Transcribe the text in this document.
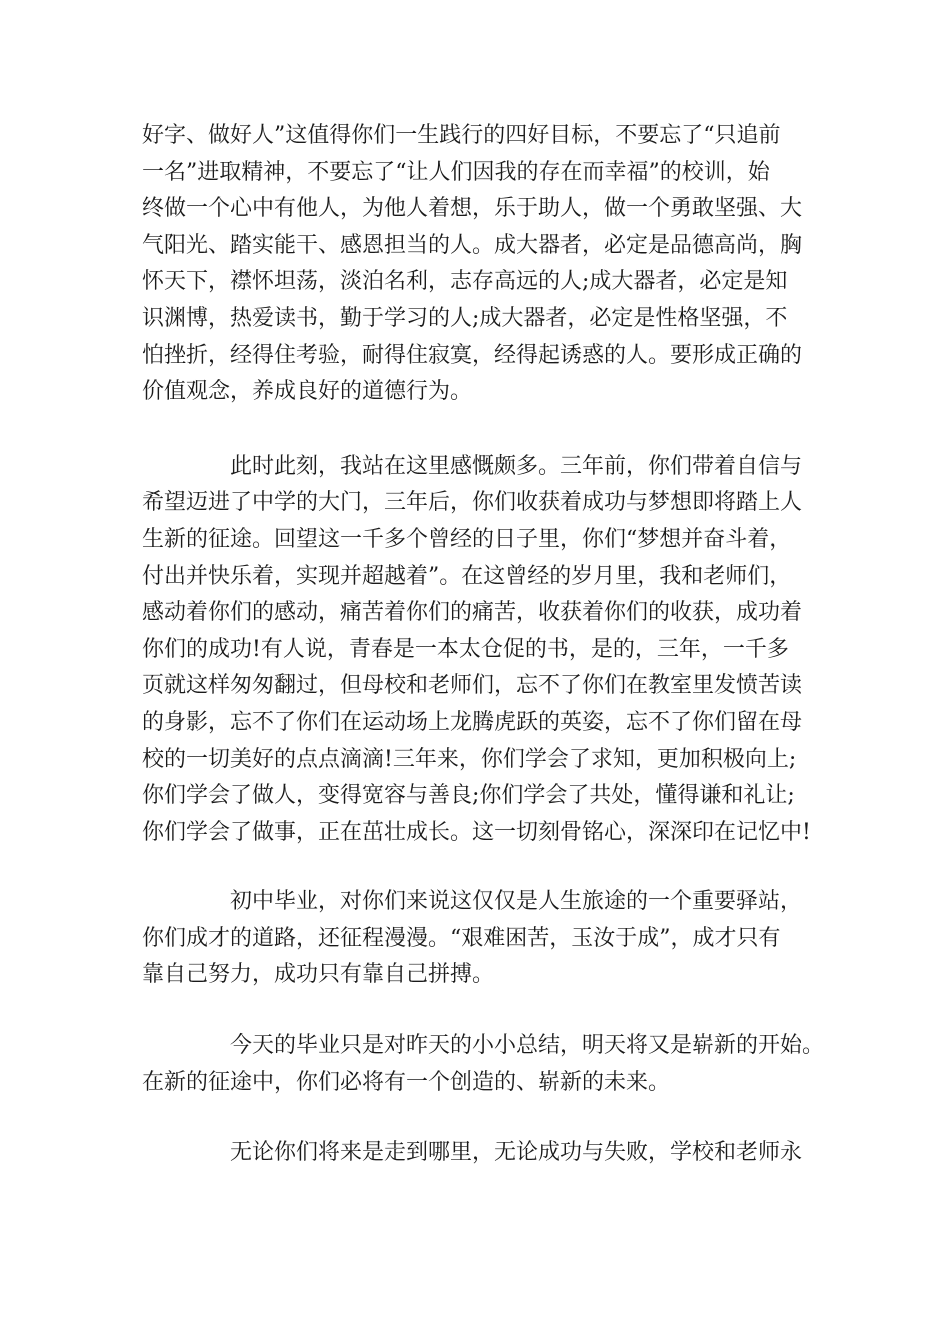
好字、做好人”这值得你们一生践行的四好目标，不要忘了“只追前
一名”进取精神，不要忘了“让人们因我的存在而幸福”的校训，始
终做一个心中有他人，为他人着想，乐于助人，做一个勇敢坚强、大
气阳光、踏实能干、感恩担当的人。成大器者，必定是品德高尚，胸
怀天下，襟怀坦荡，淡泊名利，志存高远的人;成大器者，必定是知
识渊博，热爱读书，勤于学习的人;成大器者，必定是性格坚强，不
怕挫折，经得住考验，耐得住寂寞，经得起诱惑的人。要形成正确的
价值观念，养成良好的道德行为。

此时此刻，我站在这里感慨颇多。三年前，你们带着自信与
希望迈进了中学的大门，三年后，你们收获着成功与梦想即将踏上人
生新的征途。回望这一千多个曾经的日子里，你们“梦想并奋斗着，
付出并快乐着，实现并超越着”。在这曾经的岁月里，我和老师们，
感动着你们的感动，痛苦着你们的痛苦，收获着你们的收获，成功着
你们的成功!有人说，青春是一本太仓促的书，是的，三年，一千多
页就这样匆匆翻过，但母校和老师们，忘不了你们在教室里发愤苦读
的身影，忘不了你们在运动场上龙腾虎跃的英姿，忘不了你们留在母
校的一切美好的点点滴滴!三年来，你们学会了求知，更加积极向上;
你们学会了做人，变得宽容与善良;你们学会了共处，懂得谦和礼让;
你们学会了做事，正在茁壮成长。这一切刻骨铭心，深深印在记忆中!

初中毕业，对你们来说这仅仅是人生旅途的一个重要驿站，
你们成才的道路，还征程漫漫。“艰难困苦，玉汝于成”，成才只有
靠自己努力，成功只有靠自己拼搏。

今天的毕业只是对昨天的小小总结，明天将又是崭新的开始。
在新的征途中，你们必将有一个创造的、崭新的未来。

无论你们将来是走到哪里，无论成功与失败，学校和老师永
